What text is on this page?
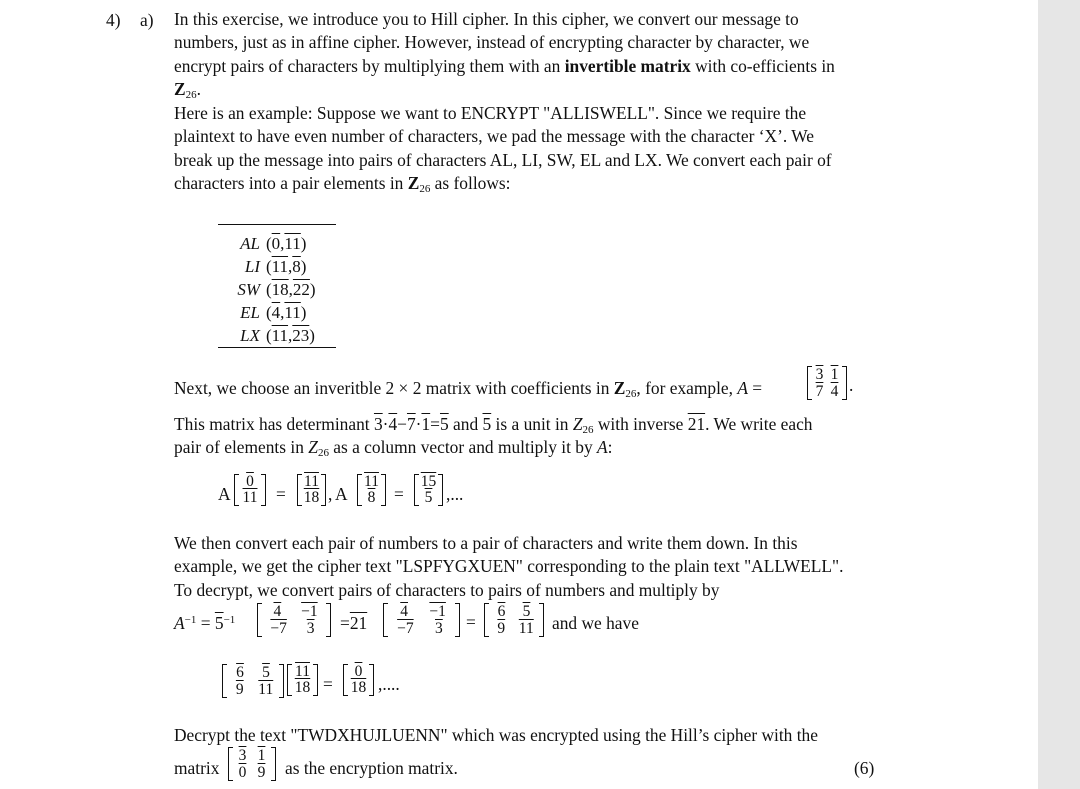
4) a) In this exercise, we introduce you to Hill cipher. In this cipher, we convert our message to
numbers, just as in affine cipher. However, instead of encrypting character by character, we
encrypt pairs of characters by multiplying them with an invertible matrix with co-efficients in
$Z_{26}$.
Here is an example: Suppose we want to ENCRYPT "ALLISWELL". Since we require the
plaintext to have even number of characters, we pad the message with the character ‘X’. We
break up the message into pairs of characters AL, LI, SW, EL and LX. We convert each pair of
characters into a pair elements in $Z_{26}$ as follows:
AL (0,11)
LI (11,8)
SW (18,22)
EL (4,11)
LX (11,23)
Next, we choose an inveritble 2 × 2 matrix with coefficients in $Z_{26}$, for example, A =
3 1
7 4 .
This matrix has determinant 3·4−7·1=5 and 5 is a unit in $Z_{26}$ with inverse 21. We write each
pair of elements in $Z_{26}$ as a column vector and multiply it by A:
A
0
11	=
11
18 , A
11
8	=
15
5 ,...
We then convert each pair of numbers to a pair of characters and write them down. In this
example, we get the cipher text "LSPFYGXUEN" corresponding to the plain text "ALLWELL".
To decrypt, we convert pairs of characters to pairs of numbers and multiply by
$A^{-1} = 5^{-1}$ 4 −1
−7 3 =21
4 −1
−7 3 =
6 5
9 11 and we have
6 5
9 11
11
18 =
0
18 ,....
Decrypt the text "TWDXHUJLUENN" which was encrypted using the Hill’s cipher with the
matrix
3 1
0 9 as the encryption matrix.	(6)
